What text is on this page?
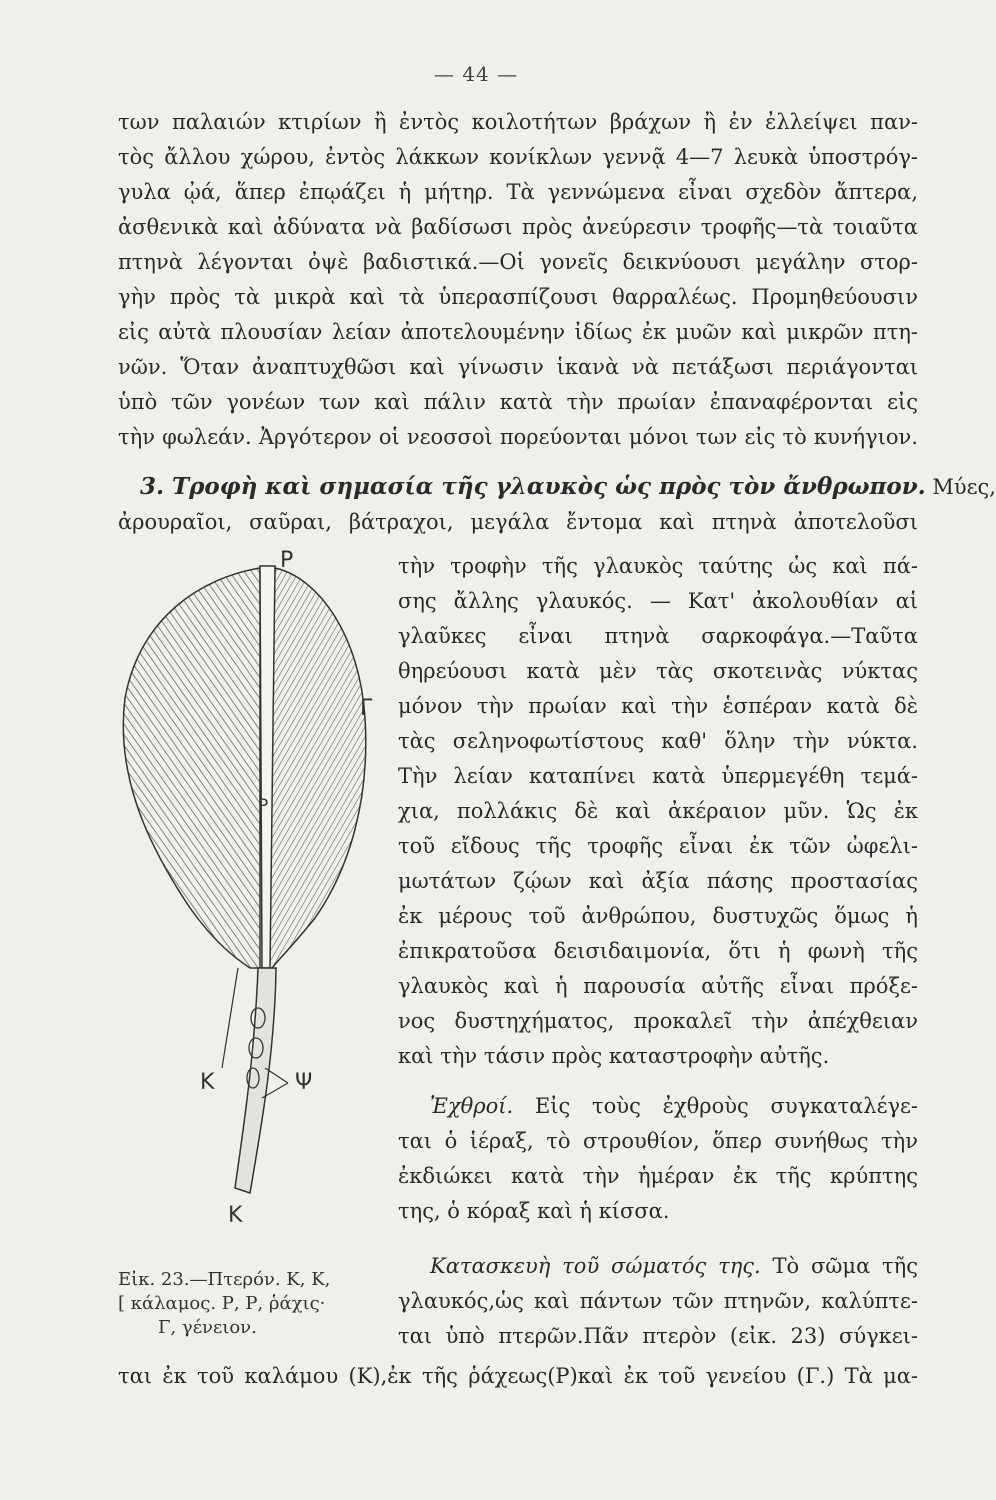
— 44 —
των παλαιών κτιρίων ἢ ἐντὸς κοιλοτήτων βράχων ἢ ἐν ἐλλείψει παν-
τὸς ἄλλου χώρου, ἐντὸς λάκκων κονίκλων γεννᾷ 4—7 λευκὰ ὑποστρόγ-
γυλα ᾠά, ἅπερ ἐπῳάζει ἡ μήτηρ. Τὰ γεννώμενα εἶναι σχεδὸν ἄπτερα,
ἀσθενικὰ καὶ ἀδύνατα νὰ βαδίσωσι πρὸς ἀνεύρεσιν τροφῆς—τὰ τοιαῦτα
πτηνὰ λέγονται ὀψὲ βαδιστικά.—Οἱ γονεῖς δεικνύουσι μεγάλην στορ-
γὴν πρὸς τὰ μικρὰ καὶ τὰ ὑπερασπίζουσι θαρραλέως. Προμηθεύουσιν
εἰς αὐτὰ πλουσίαν λείαν ἀποτελουμένην ἰδίως ἐκ μυῶν καὶ μικρῶν πτη-
νῶν. Ὅταν ἀναπτυχθῶσι καὶ γίνωσιν ἱκανὰ νὰ πετάξωσι περιάγονται
ὑπὸ τῶν γονέων των καὶ πάλιν κατὰ τὴν πρωίαν ἐπαναφέρονται εἰς
τὴν φωλεάν. Ἀργότερον οἱ νεοσσοὶ πορεύονται μόνοι των εἰς τὸ κυνήγιον.
3. Τροφὴ καὶ σημασία τῆς γλαυκὸς ὡς πρὸς τὸν ἄνθρωπον. Μύες,
ἀρουραῖοι, σαῦραι, βάτραχοι, μεγάλα ἔντομα καὶ πτηνὰ ἀποτελοῦσι
τὴν τροφὴν τῆς γλαυκὸς ταύτης ὡς καὶ πά-
σης ἄλλης γλαυκός. — Κατ' ἀκολουθίαν αἱ
γλαῦκες εἶναι πτηνὰ σαρκοφάγα.—Ταῦτα
θηρεύουσι κατὰ μὲν τὰς σκοτεινὰς νύκτας
μόνον τὴν πρωίαν καὶ τὴν ἑσπέραν κατὰ δὲ
τὰς σεληνοφωτίστους καθ' ὅλην τὴν νύκτα.
Τὴν λείαν καταπίνει κατὰ ὑπερμεγέθη τεμά-
χια, πολλάκις δὲ καὶ ἀκέραιον μῦν. Ὡς ἐκ
τοῦ εἴδους τῆς τροφῆς εἶναι ἐκ τῶν ὠφελι-
μωτάτων ζῴων καὶ ἀξία πάσης προστασίας
ἐκ μέρους τοῦ ἀνθρώπου, δυστυχῶς ὅμως ἡ
ἐπικρατοῦσα δεισιδαιμονία, ὅτι ἡ φωνὴ τῆς
γλαυκὸς καὶ ἡ παρουσία αὐτῆς εἶναι πρόξε-
νος δυστηχήματος, προκαλεῖ τὴν ἀπέχθειαν
καὶ τὴν τάσιν πρὸς καταστροφὴν αὐτῆς.
Ἐχθροί. Εἰς τοὺς ἐχθροὺς συγκαταλέγε-
ται ὁ ἱέραξ, τὸ στρουθίον, ὅπερ συνήθως τὴν
ἐκδιώκει κατὰ τὴν ἡμέραν ἐκ τῆς κρύπτης
της, ὁ κόραξ καὶ ἡ κίσσα.
Κατασκευὴ τοῦ σώματός της. Τὸ σῶμα τῆς
γλαυκός,ὡς καὶ πάντων τῶν πτηνῶν, καλύπτε-
ται ὑπὸ πτερῶν.Πᾶν πτερὸν (εἰκ. 23) σύγκει-
ται ἐκ τοῦ καλάμου (Κ),ἐκ τῆς ῥάχεως(Ρ)καὶ ἐκ τοῦ γενείου (Γ.) Τὰ μα-
Ρ
Γ
Ρ
Κ	Ψ
Κ
Εἰκ. 23.—Πτερόν. Κ, Κ,
[ κάλαμος. Ρ, Ρ, ῥάχις·
Γ, γένειον.
